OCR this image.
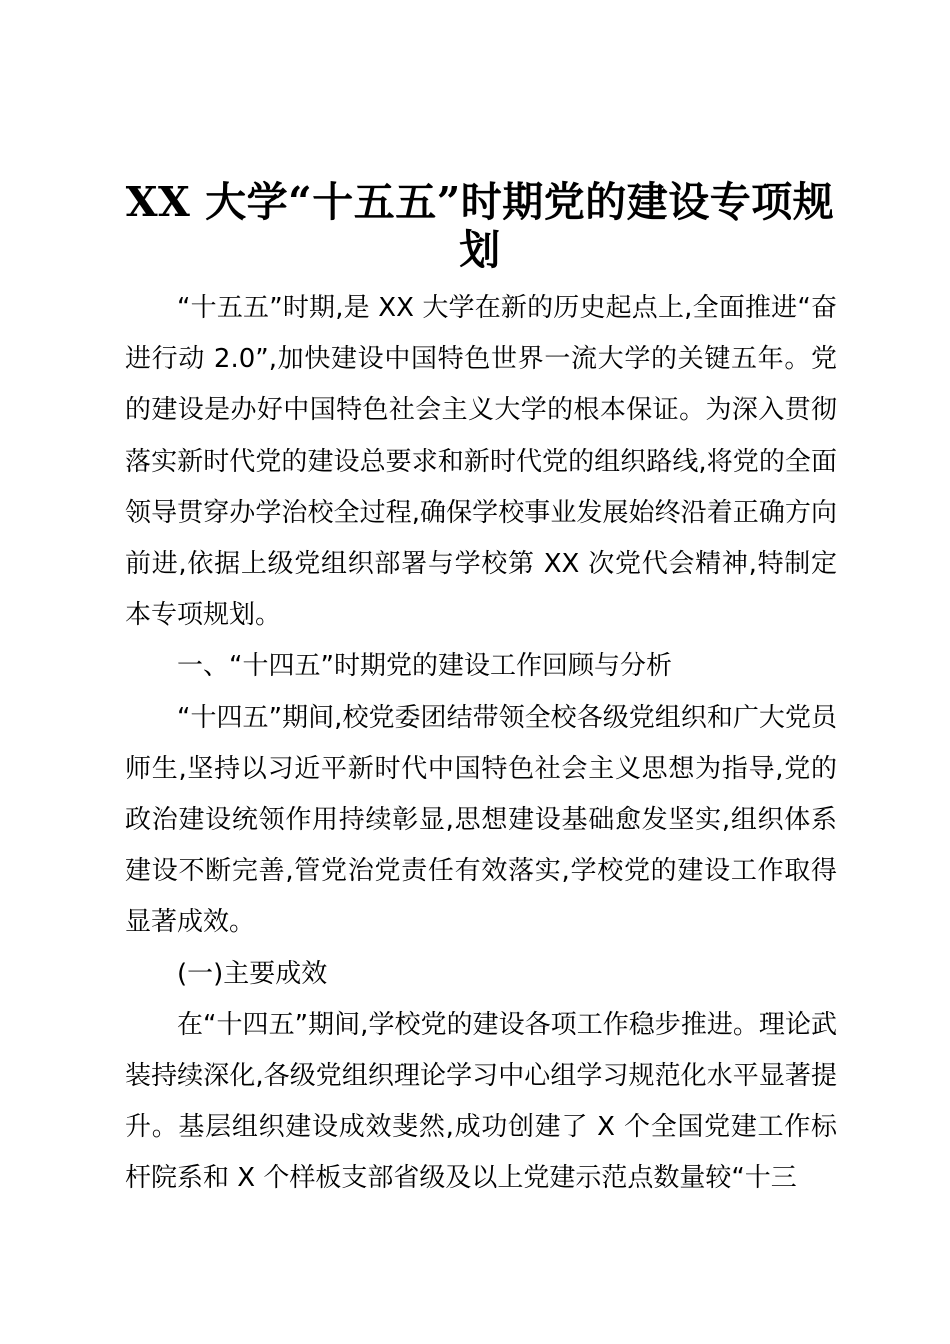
XX 大学“十五五”时期党的建设专项规划

“十五五”时期,是 XX 大学在新的历史起点上,全面推进“奋进行动 2.0”,加快建设中国特色世界一流大学的关键五年。党的建设是办好中国特色社会主义大学的根本保证。为深入贯彻落实新时代党的建设总要求和新时代党的组织路线,将党的全面领导贯穿办学治校全过程,确保学校事业发展始终沿着正确方向前进,依据上级党组织部署与学校第 XX 次党代会精神,特制定本专项规划。

一、“十四五”时期党的建设工作回顾与分析

“十四五”期间,校党委团结带领全校各级党组织和广大党员师生,坚持以习近平新时代中国特色社会主义思想为指导,党的政治建设统领作用持续彰显,思想建设基础愈发坚实,组织体系建设不断完善,管党治党责任有效落实,学校党的建设工作取得显著成效。

(一)主要成效

在“十四五”期间,学校党的建设各项工作稳步推进。理论武装持续深化,各级党组织理论学习中心组学习规范化水平显著提升。基层组织建设成效斐然,成功创建了 X 个全国党建工作标杆院系和 X 个样板支部省级及以上党建示范点数量较“十三
